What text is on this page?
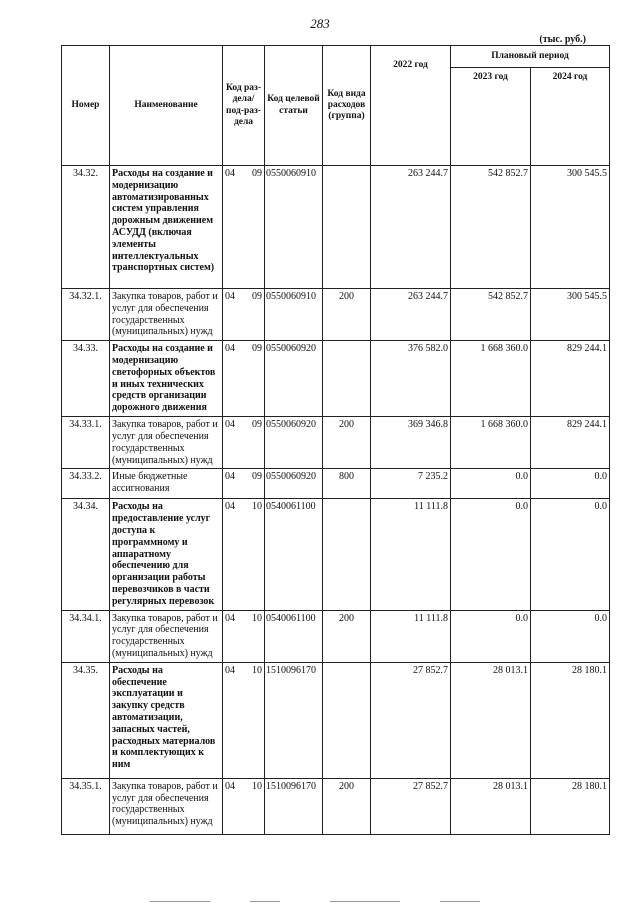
283
(тыс. руб.)
Номер	Наименование	Код раз-дела/ под-раз-дела	Код целевой статьи	Код вида расходов (группа)	2022 год	Плановый период	
						2023 год	2024 год
34.32.	Расходы на создание и модернизацию автоматизированных систем управления дорожным движением АСУДД (включая элементы интеллектуальных транспортных систем)	04 09	0550060910		263 244.7	542 852.7	300 545.5
34.32.1.	Закупка товаров, работ и услуг для обеспечения государственных (муниципальных) нужд	04 09	0550060910	200	263 244.7	542 852.7	300 545.5
34.33.	Расходы на создание и модернизацию светофорных объектов и иных технических средств организации дорожного движения	04 09	0550060920		376 582.0	1 668 360.0	829 244.1
34.33.1.	Закупка товаров, работ и услуг для обеспечения государственных (муниципальных) нужд	04 09	0550060920	200	369 346.8	1 668 360.0	829 244.1
34.33.2.	Иные бюджетные ассигнования	04 09	0550060920	800	7 235.2	0.0	0.0
34.34.	Расходы на предоставление услуг доступа к программному и аппаратному обеспечению для организации работы перевозчиков в части регулярных перевозок	04 10	0540061100		11 111.8	0.0	0.0
34.34.1.	Закупка товаров, работ и услуг для обеспечения государственных (муниципальных) нужд	04 10	0540061100	200	11 111.8	0.0	0.0
34.35.	Расходы на обеспечение эксплуатации и закупку средств автоматизации, запасных частей, расходных материалов и комплектующих к ним	04 10	1510096170		27 852.7	28 013.1	28 180.1
34.35.1.	Закупка товаров, работ и услуг для обеспечения государственных (муниципальных) нужд	04 10	1510096170	200	27 852.7	28 013.1	28 180.1
